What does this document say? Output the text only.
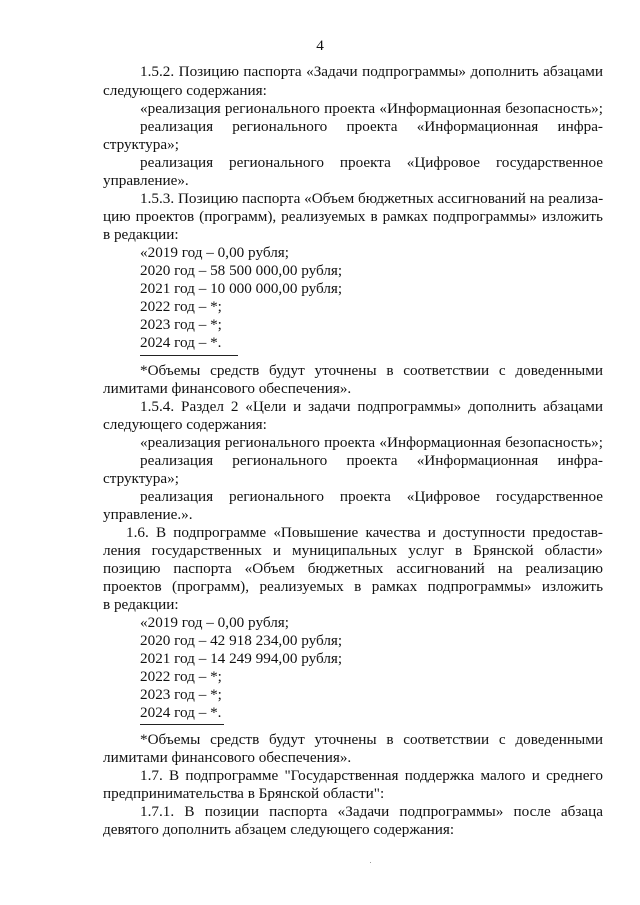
4
1.5.2. Позицию паспорта «Задачи подпрограммы» дополнить абзацами
следующего содержания:
«реализация регионального проекта «Информационная безопасность»;
реализация регионального проекта «Информационная инфра-
структура»;
реализация регионального проекта «Цифровое государственное
управление».
1.5.3. Позицию паспорта «Объем бюджетных ассигнований на реализа-
цию проектов (программ), реализуемых в рамках подпрограммы» изложить
в редакции:
«2019 год – 0,00 рубля;
2020 год – 58 500 000,00 рубля;
2021 год – 10 000 000,00 рубля;
2022 год – *;
2023 год – *;
2024 год – *.
*Объемы средств будут уточнены в соответствии с доведенными
лимитами финансового обеспечения».
1.5.4. Раздел 2 «Цели и задачи подпрограммы» дополнить абзацами
следующего содержания:
«реализация регионального проекта «Информационная безопасность»;
реализация регионального проекта «Информационная инфра-
структура»;
реализация регионального проекта «Цифровое государственное
управление.».
1.6. В подпрограмме «Повышение качества и доступности предостав-
ления государственных и муниципальных услуг в Брянской области»
позицию паспорта «Объем бюджетных ассигнований на реализацию
проектов (программ), реализуемых в рамках подпрограммы» изложить
в редакции:
«2019 год – 0,00 рубля;
2020 год – 42 918 234,00 рубля;
2021 год – 14 249 994,00 рубля;
2022 год – *;
2023 год – *;
2024 год – *.
*Объемы средств будут уточнены в соответствии с доведенными
лимитами финансового обеспечения».
1.7. В подпрограмме "Государственная поддержка малого и среднего
предпринимательства в Брянской области":
1.7.1. В позиции паспорта «Задачи подпрограммы» после абзаца
девятого дополнить абзацем следующего содержания:
